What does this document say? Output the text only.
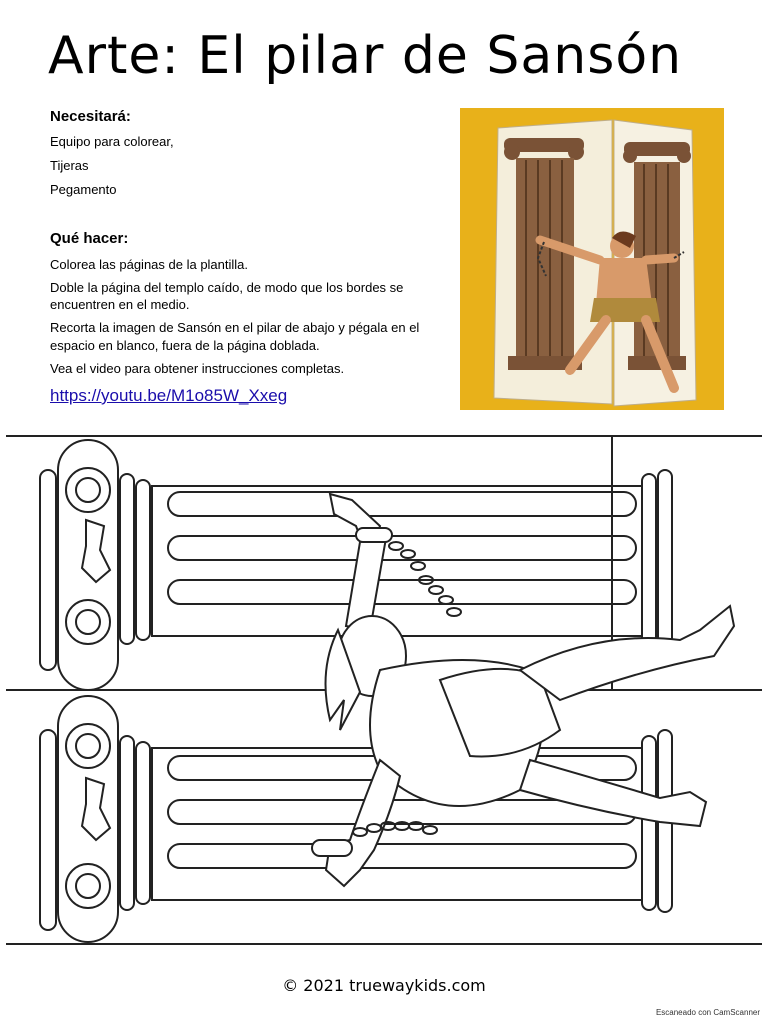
Arte: El pilar de Sansón
Necesitará:
Equipo para colorear,
Tijeras
Pegamento
Qué hacer:
Colorea las páginas de la plantilla.
Doble la página del templo caído, de modo que los bordes se
encuentren en el medio.
Recorta la imagen de Sansón en el pilar de abajo y pégala en el
espacio en blanco, fuera de la página doblada.
Vea el video para obtener instrucciones completas.
https://youtu.be/M1o85W_Xxeg
© 2021 truewaykids.com
Escaneado con CamScanner
